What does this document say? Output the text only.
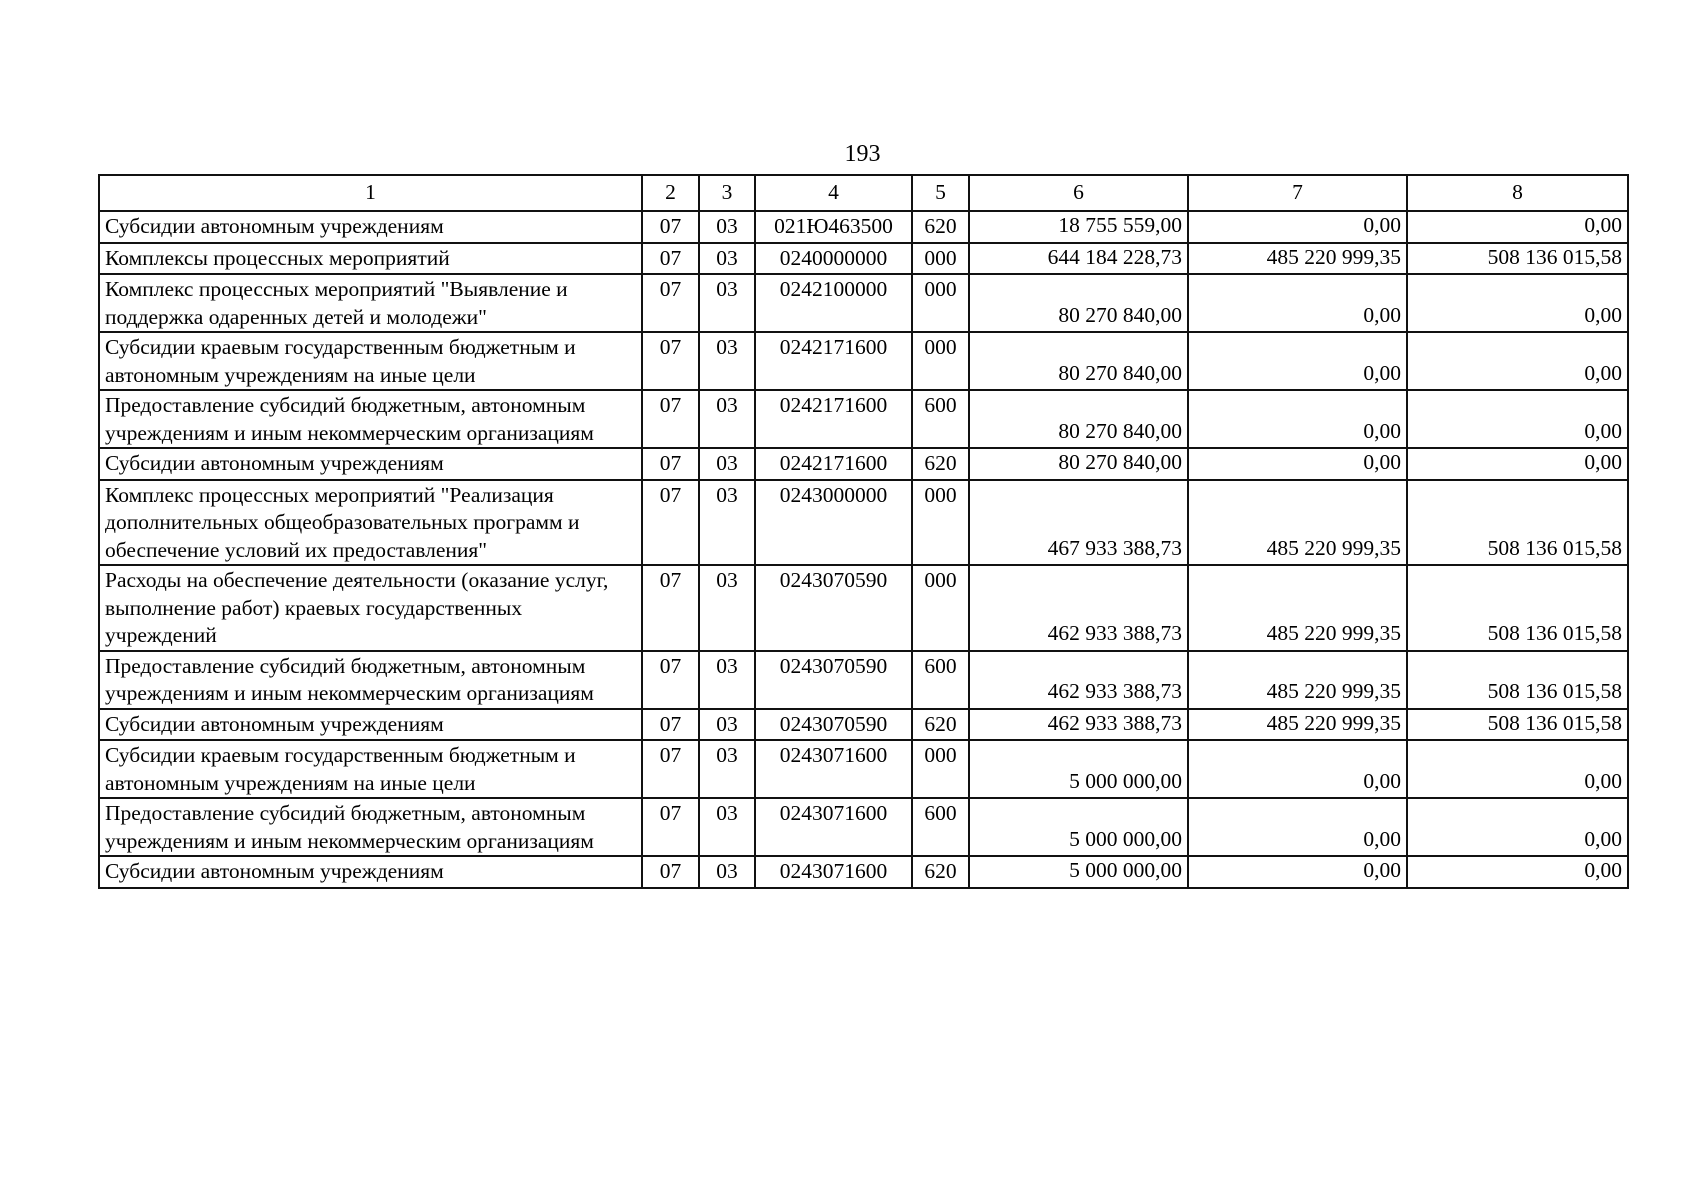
193
1	2	3	4	5	6	7	8
Субсидии автономным учреждениям	07	03	021Ю463500	620	18 755 559,00	0,00	0,00
Комплексы процессных мероприятий	07	03	0240000000	000	644 184 228,73	485 220 999,35	508 136 015,58
Комплекс процессных мероприятий "Выявление и поддержка одаренных детей и молодежи"	07	03	0242100000	000	80 270 840,00	0,00	0,00
Субсидии краевым государственным бюджетным и автономным учреждениям на иные цели	07	03	0242171600	000	80 270 840,00	0,00	0,00
Предоставление субсидий бюджетным, автономным учреждениям и иным некоммерческим организациям	07	03	0242171600	600	80 270 840,00	0,00	0,00
Субсидии автономным учреждениям	07	03	0242171600	620	80 270 840,00	0,00	0,00
Комплекс процессных мероприятий "Реализация дополнительных общеобразовательных программ и обеспечение условий их предоставления"	07	03	0243000000	000	467 933 388,73	485 220 999,35	508 136 015,58
Расходы на обеспечение деятельности (оказание услуг, выполнение работ) краевых государственных учреждений	07	03	0243070590	000	462 933 388,73	485 220 999,35	508 136 015,58
Предоставление субсидий бюджетным, автономным учреждениям и иным некоммерческим организациям	07	03	0243070590	600	462 933 388,73	485 220 999,35	508 136 015,58
Субсидии автономным учреждениям	07	03	0243070590	620	462 933 388,73	485 220 999,35	508 136 015,58
Субсидии краевым государственным бюджетным и автономным учреждениям на иные цели	07	03	0243071600	000	5 000 000,00	0,00	0,00
Предоставление субсидий бюджетным, автономным учреждениям и иным некоммерческим организациям	07	03	0243071600	600	5 000 000,00	0,00	0,00
Субсидии автономным учреждениям	07	03	0243071600	620	5 000 000,00	0,00	0,00
